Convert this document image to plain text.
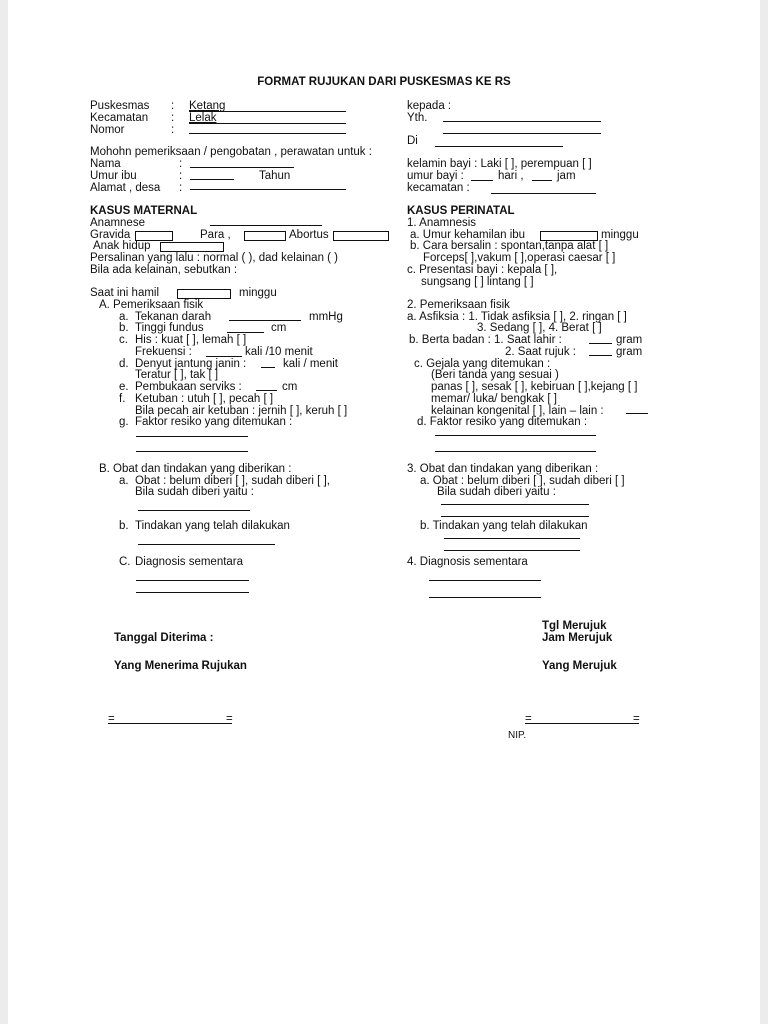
FORMAT RUJUKAN DARI PUSKESMAS KE RS
Puskesmas : Ketang
Kecamatan : Lelak
Nomor	:
kepada :
Yth.
Di
Mohohn pemeriksaan / pengobatan , perawatan untuk :
Nama	:
Umur ibu	:	Tahun
Alamat , desa :
kelamin bayi : Laki [ ], perempuan [ ]
umur bayi :	hari ,	jam
kecamatan :
KASUS MATERNAL
Anamnese
Gravida	Para ,	Abortus
Anak hidup
Persalinan yang lalu : normal ( ), dad kelainan ( )
Bila ada kelainan, sebutkan :
Saat ini hamil	minggu
A. Pemeriksaan fisik
a. Tekanan darah	mmHg
b. Tinggi fundus	cm
c. His : kuat [ ], lemah [ ]
Frekuensi :	kali /10 menit
d. Denyut jantung janin :	kali / menit
Teratur [ ], tak [ ]
e. Pembukaan serviks :	cm
f. Ketuban : utuh [ ], pecah [ ]
Bila pecah air ketuban : jernih [ ], keruh [ ]
g. Faktor resiko yang ditemukan :
B. Obat dan tindakan yang diberikan :
a. Obat : belum diberi [ ], sudah diberi [ ],
Bila sudah diberi yaitu :
b. Tindakan yang telah dilakukan
C. Diagnosis sementara
KASUS PERINATAL
1. Anamnesis
a. Umur kehamilan ibu	minggu
b. Cara bersalin : spontan,tanpa alat [ ]
Forceps[ ],vakum [ ],operasi caesar [ ]
c. Presentasi bayi : kepala [ ],
sungsang [ ] lintang [ ]
2. Pemeriksaan fisik
a. Asfiksia : 1. Tidak asfiksia [ ], 2. ringan [ ]
3. Sedang [ ], 4. Berat [ ]
b. Berta badan : 1. Saat lahir :	gram
2. Saat rujuk :	gram
c. Gejala yang ditemukan :
(Beri tanda yang sesuai )
panas [ ], sesak [ ], kebiruan [ ],kejang [ ]
memar/ luka/ bengkak [ ]
kelainan kongenital [ ], lain – lain :
d. Faktor resiko yang ditemukan :
3. Obat dan tindakan yang diberikan :
a. Obat : belum diberi [ ], sudah diberi [ ]
Bila sudah diberi yaitu :
b. Tindakan yang telah dilakukan
4. Diagnosis sementara
Tgl Merujuk
Jam Merujuk
Tanggal Diterima :
Yang Menerima Rujukan	Yang Merujuk
=	=	=	=
NIP.
